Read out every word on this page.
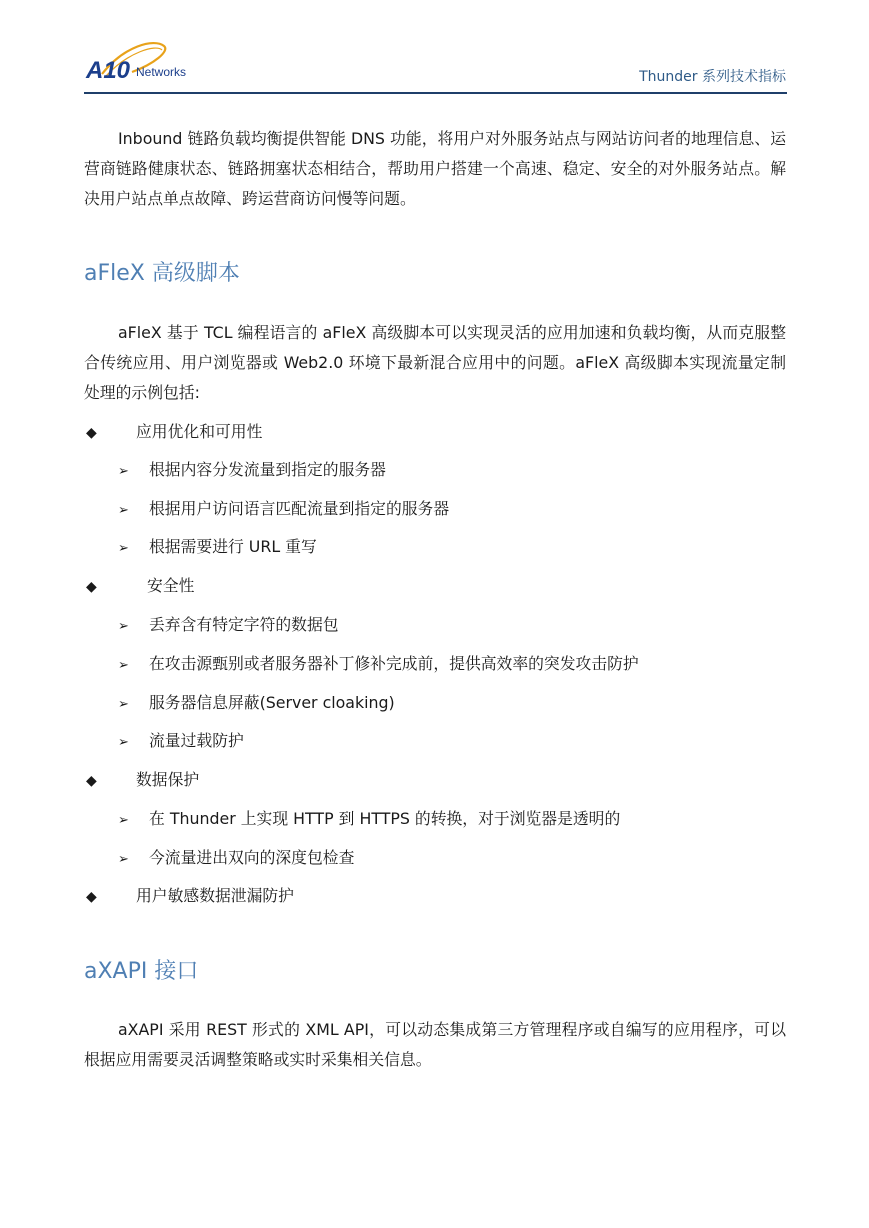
A10 Networks	Thunder 系列技术指标

Inbound 链路负载均衡提供智能 DNS 功能，将用户对外服务站点与网站访问者的地理信息、运营商链路健康状态、链路拥塞状态相结合，帮助用户搭建一个高速、稳定、安全的对外服务站点。解决用户站点单点故障、跨运营商访问慢等问题。

aFleX 高级脚本

aFleX 基于 TCL 编程语言的 aFleX 高级脚本可以实现灵活的应用加速和负载均衡，从而克服整合传统应用、用户浏览器或 Web2.0 环境下最新混合应用中的问题。aFleX 高级脚本实现流量定制处理的示例包括:

◆ 应用优化和可用性
➢ 根据内容分发流量到指定的服务器
➢ 根据用户访问语言匹配流量到指定的服务器
➢ 根据需要进行 URL 重写
◆	安全性
➢ 丢弃含有特定字符的数据包
➢ 在攻击源甄别或者服务器补丁修补完成前，提供高效率的突发攻击防护
➢ 服务器信息屏蔽(Server cloaking)
➢ 流量过载防护
◆ 数据保护
➢ 在 Thunder 上实现 HTTP 到 HTTPS 的转换，对于浏览器是透明的
➢ 今流量进出双向的深度包检查
◆ 用户敏感数据泄漏防护
aXAPI 接口

aXAPI 采用 REST 形式的 XML API，可以动态集成第三方管理程序或自编写的应用程序，可以根据应用需要灵活调整策略或实时采集相关信息。
